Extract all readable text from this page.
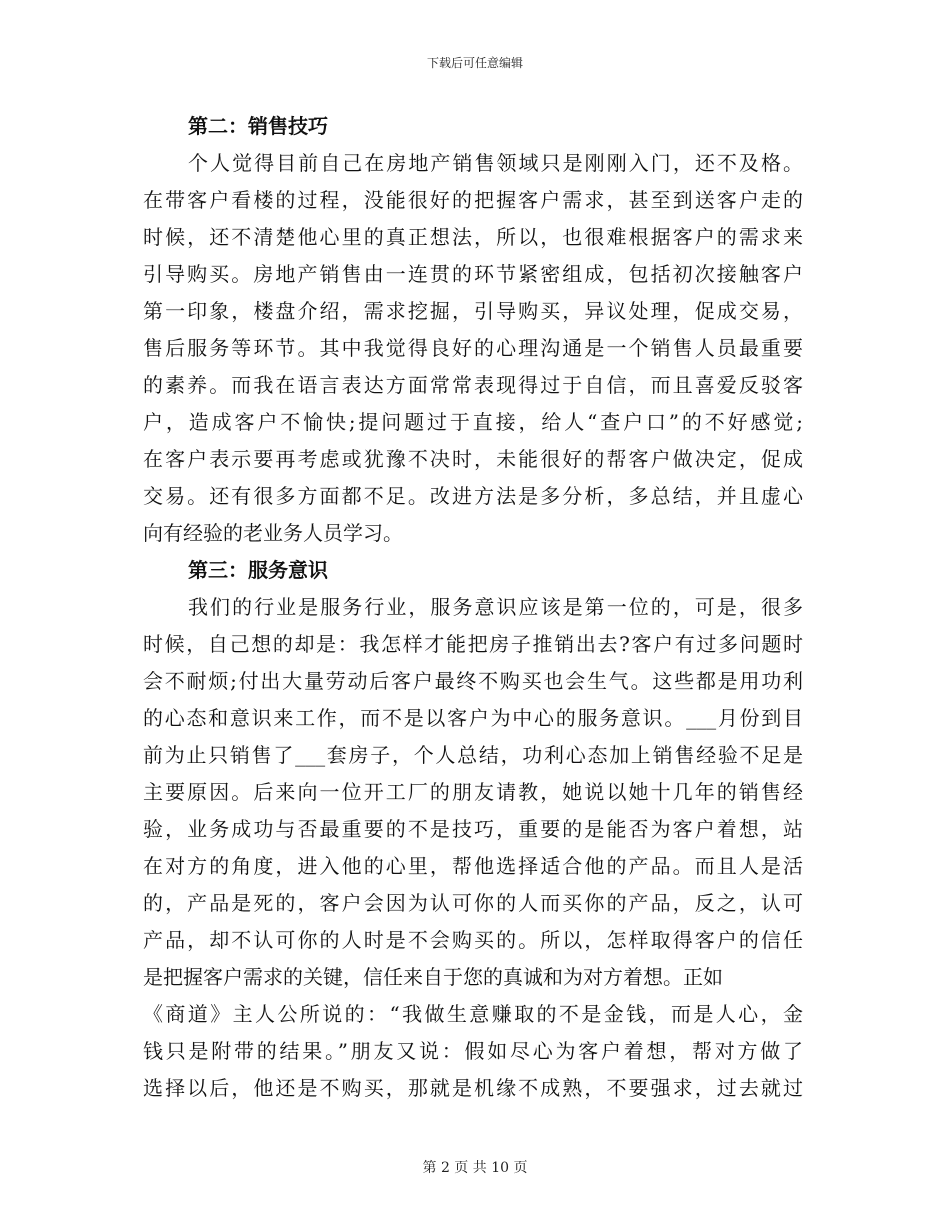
下载后可任意编辑
第二：销售技巧
个人觉得目前自己在房地产销售领域只是刚刚入门，还不及格。
在带客户看楼的过程，没能很好的把握客户需求，甚至到送客户走的
时候，还不清楚他心里的真正想法，所以，也很难根据客户的需求来
引导购买。房地产销售由一连贯的环节紧密组成，包括初次接触客户
第一印象，楼盘介绍，需求挖掘，引导购买，异议处理，促成交易，
售后服务等环节。其中我觉得良好的心理沟通是一个销售人员最重要
的素养。而我在语言表达方面常常表现得过于自信，而且喜爱反驳客
户，造成客户不愉快;提问题过于直接，给人“查户口”的不好感觉;
在客户表示要再考虑或犹豫不决时，未能很好的帮客户做决定，促成
交易。还有很多方面都不足。改进方法是多分析，多总结，并且虚心
向有经验的老业务人员学习。
第三：服务意识
我们的行业是服务行业，服务意识应该是第一位的，可是，很多
时候，自己想的却是：我怎样才能把房子推销出去?客户有过多问题时
会不耐烦;付出大量劳动后客户最终不购买也会生气。这些都是用功利
的心态和意识来工作，而不是以客户为中心的服务意识。___月份到目
前为止只销售了___套房子，个人总结，功利心态加上销售经验不足是
主要原因。后来向一位开工厂的朋友请教，她说以她十几年的销售经
验，业务成功与否最重要的不是技巧，重要的是能否为客户着想，站
在对方的角度，进入他的心里，帮他选择适合他的产品。而且人是活
的，产品是死的，客户会因为认可你的人而买你的产品，反之，认可
产品，却不认可你的人时是不会购买的。所以，怎样取得客户的信任
是把握客户需求的关键，信任来自于您的真诚和为对方着想。正如
《商道》主人公所说的：“我做生意赚取的不是金钱，而是人心，金
钱只是附带的结果。”朋友又说：假如尽心为客户着想，帮对方做了
选择以后，他还是不购买，那就是机缘不成熟，不要强求，过去就过
第 2 页 共 10 页
